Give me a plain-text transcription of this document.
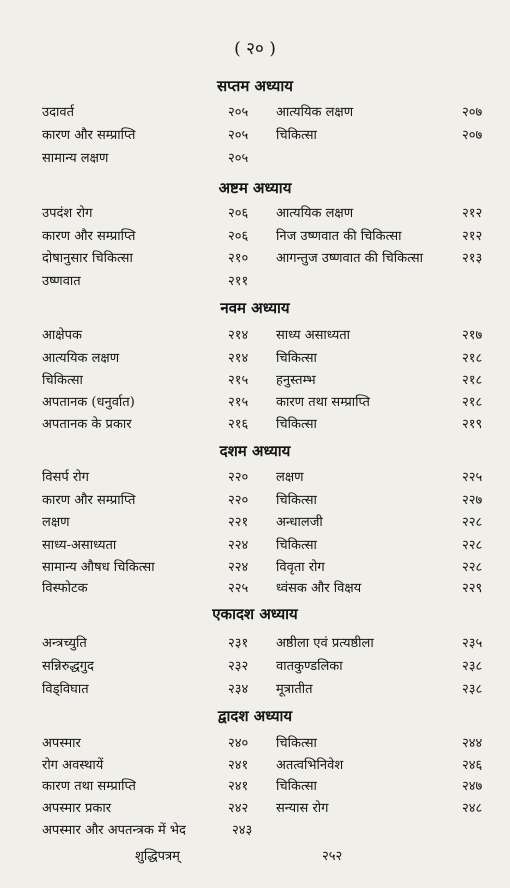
( २० )
सप्तम अध्याय
उदावर्त	२०५ आत्ययिक लक्षण	२०७
कारण और सम्प्राप्ति	२०५ चिकित्सा	२०७
सामान्य लक्षण	२०५
अष्टम अध्याय
उपदंश रोग	२०६ आत्ययिक लक्षण	२१२
कारण और सम्प्राप्ति	२०६ निज उष्णवात की चिकित्सा	२१२
दोषानुसार चिकित्सा	२१० आगन्तुज उष्णवात की चिकित्सा	२१३
उष्णवात	२११
नवम अध्याय
आक्षेपक	२१४ साध्य असाध्यता	२१७
आत्ययिक लक्षण	२१४ चिकित्सा	२१८
चिकित्सा	२१५ हनुस्तम्भ	२१८
अपतानक (धनुर्वात)	२१५ कारण तथा सम्प्राप्ति	२१८
अपतानक के प्रकार	२१६ चिकित्सा	२१९
दशम अध्याय
विसर्प रोग	२२० लक्षण	२२५
कारण और सम्प्राप्ति	२२० चिकित्सा	२२७
लक्षण	२२१ अन्धालजी	२२८
साध्य-असाध्यता	२२४ चिकित्सा	२२८
सामान्य औषध चिकित्सा	२२४ विवृता रोग	२२८
विस्फोटक	२२५ ध्वंसक और विक्षय	२२९
एकादश अध्याय
अन्त्रच्युति	२३१ अष्ठीला एवं प्रत्यष्ठीला	२३५
सन्निरुद्धगुद	२३२ वातकुण्डलिका	२३८
विड्विघात	२३४ मूत्रातीत	२३८
द्वादश अध्याय
अपस्मार	२४० चिकित्सा	२४४
रोग अवस्थायें	२४१ अतत्वभिनिवेश	२४६
कारण तथा सम्प्राप्ति	२४१ चिकित्सा	२४७
अपस्मार प्रकार	२४२ सन्यास रोग	२४८
अपस्मार और अपतन्त्रक में भेद	२४३
शुद्धिपत्रम्	२५२
